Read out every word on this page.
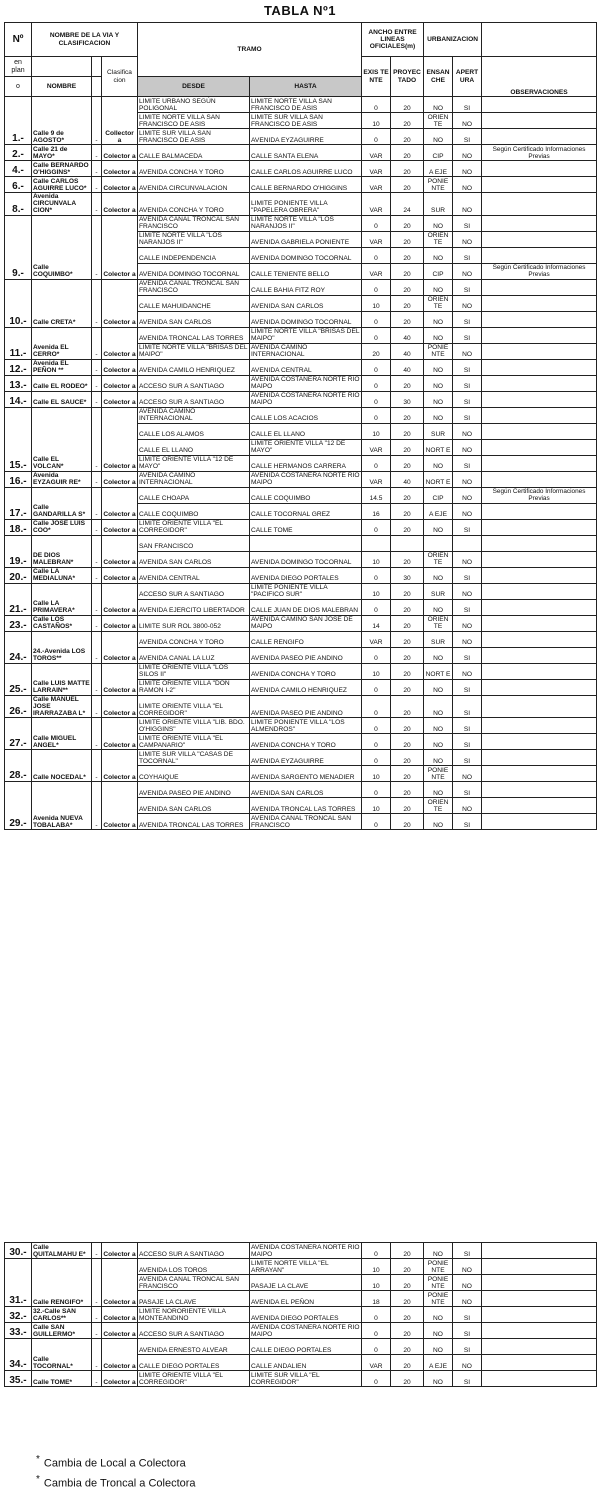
TABLA Nº1
Nº	NOMBRE DE LA VIA Y CLASIFICACION			TRAMO		ANCHO ENTRE LINEAS OFICIALES(m)		URBANIZACION		
en
plan			Clasifica cion			EXIS TE NTE	PROYEC TADO	ENSAN CHE	APERT URA	OBSERVACIONES
o	NOMBRE			DESDE	HASTA					
1.-	Calle 9 de AGOSTO*	-	Collector a	LIMITE URBANO SEGÚN POLIGONAL	LIMITE NORTE VILLA SAN FRANCISCO DE ASIS	0	20	NO	SI	
				LIMITE NORTE VILLA SAN FRANCISCO DE ASIS	LIMITE SUR VILLA SAN FRANCISCO DE ASIS	10	20	ORIEN TE	NO	
				LIMITE SUR VILLA SAN FRANCISCO DE ASIS	AVENIDA EYZAGUIRRE	0	20	NO	SI	
2.-	Calle 21 de MAYO*	-	Colector a	CALLE BALMACEDA	CALLE SANTA ELENA	VAR	20	CIP	NO	Según Certificado Informaciones Previas
4.-	Calle BERNARDO O'HIGGINS*	-	Colector a	AVENIDA CONCHA Y TORO	CALLE CARLOS AGUIRRE LUCO	VAR	20	A EJE	NO	
6.-	Calle CARLOS AGUIRRE LUCO*	-	Colector a	AVENIDA CIRCUNVALACION	CALLE BERNARDO O'HIGGINS	VAR	20	PONIE NTE	NO	
8.-	Avenida CIRCUNVALA CION*	-	Colector a	AVENIDA CONCHA Y TORO	LIMITE PONIENTE VILLA "PAPELERA OBRERA"	VAR	24	SUR	NO	
9.-	Calle COQUIMBO*	-	Colector a	AVENIDA CANAL TRONCAL SAN FRANCISCO	LIMITE NORTE VILLA "LOS NARANJOS II"	0	20	NO	SI	
				LIMITE NORTE VILLA "LOS NARANJOS II"	AVENIDA GABRIELA PONIENTE	VAR	20	ORIEN TE	NO	
				CALLE INDEPENDENCIA	AVENIDA DOMINGO TOCORNAL	0	20	NO	SI	
				AVENIDA DOMINGO TOCORNAL	CALLE TENIENTE BELLO	VAR	20	CIP	NO	Según Certificado Informaciones Previas
10.-	Calle CRETA*	-	Colector a	AVENIDA CANAL TRONCAL SAN FRANCISCO	CALLE BAHIA FITZ ROY	0	20	NO	SI	
				CALLE MAHUIDANCHE	AVENIDA SAN CARLOS	10	20	ORIEN TE	NO	
				AVENIDA SAN CARLOS	AVENIDA DOMINGO TOCORNAL	0	20	NO	SI	
11.-	Avenida EL CERRO*	-	Colector a	AVENIDA TRONCAL LAS TORRES	LIMITE NORTE VILLA "BRISAS DEL MAIPO"	0	40	NO	SI	
				LIMITE NORTE VILLA "BRISAS DEL MAIPO"	AVENIDA CAMINO INTERNACIONAL	20	40	PONIE NTE	NO	
12.-	Avenida EL PEÑON **	-	Colector a	AVENIDA CAMILO HENRIQUEZ	AVENIDA CENTRAL	0	40	NO	SI	
13.-	Calle EL RODEO*	-	Colector a	ACCESO SUR A SANTIAGO	AVENIDA COSTANERA NORTE RIO MAIPO	0	20	NO	SI	
14.-	Calle EL SAUCE*	-	Colector a	ACCESO SUR A SANTIAGO	AVENIDA COSTANERA NORTE RIO MAIPO	0	30	NO	SI	
15.-	Calle EL VOLCAN*	-	Colector a	AVENIDA CAMINO INTERNACIONAL	CALLE LOS ACACIOS	0	20	NO	SI	
				CALLE LOS ALAMOS	CALLE EL LLANO	10	20	SUR	NO	
				CALLE EL LLANO	LIMITE ORIENTE VILLA "12 DE MAYO"	VAR	20	NORT E	NO	
				LIMITE ORIENTE VILLA "12 DE MAYO"	CALLE HERMANOS CARRERA	0	20	NO	SI	
16.-	Avenida EYZAGUIR RE*	-	Colector a	AVENIDA CAMINO INTERNACIONAL	AVENIDA COSTANERA NORTE RIO MAIPO	VAR	40	NORT E	NO	
17.-	Calle GANDARILLA S*	-	Colector a	CALLE CHOAPA	CALLE COQUIMBO	14.5	20	CIP	NO	Según Certificado Informaciones Previas
				CALLE COQUIMBO	CALLE TOCORNAL GREZ	16	20	A EJE	NO	
18.-	Calle JOSE LUIS COO*	-	Colector a	LIMITE ORIENTE VILLA "EL CORREGIDOR"	CALLE TOME	0	20	NO	SI	
19.-	DE DIOS MALEBRAN*	-	Colector a	SAN FRANCISCO						
				AVENIDA SAN CARLOS	AVENIDA DOMINGO TOCORNAL	10	20	ORIEN TE	NO	
20.-	Calle LA MEDIALUNA*	-	Colector a	AVENIDA CENTRAL	AVENIDA DIEGO PORTALES	0	30	NO	SI	
21.-	Calle LA PRIMAVERA*	-	Colector a	ACCESO SUR A SANTIAGO	LIMITE PONIENTE VILLA "PACIFICO SUR"	10	20	SUR	NO	
				AVENIDA EJERCITO LIBERTADOR	CALLE JUAN DE DIOS MALEBRAN	0	20	NO	SI	
23.-	Calle LOS CASTAÑOS*	-	Colector a	LIMITE SUR ROL 3800-052	AVENIDA CAMINO SAN JOSE DE MAIPO	14	20	ORIEN TE	NO	
24.-	24.-Avenida LOS TOROS**	-	Colector a	AVENIDA CONCHA Y TORO	CALLE RENGIFO	VAR	20	SUR	NO	
				AVENIDA CANAL LA LUZ	AVENIDA PASEO PIE ANDINO	0	20	NO	SI	
25.-	Calle LUIS MATTE LARRAIN**	-	Colector a	LIMITE ORIENTE VILLA "LOS SILOS II"	AVENIDA CONCHA Y TORO	10	20	NORT E	NO	
				LIMITE ORIENTE VILLA "DON RAMON I-2"	AVENIDA CAMILO HENRIQUEZ	0	20	NO	SI	
26.-	Calle MANUEL JOSE IRARRAZABA L*	-	Colector a	LIMITE ORIENTE VILLA "EL CORREGIDOR"	AVENIDA PASEO PIE ANDINO	0	20	NO	SI	
27.-	Calle MIGUEL ANGEL*	-	Colector a	LIMITE ORIENTE VILLA "LIB. BDO. O'HIGGINS"	LIMITE PONIENTE VILLA "LOS ALMENDROS"	0	20	NO	SI	
				LIMITE ORIENTE VILLA "EL CAMPANARIO"	AVENIDA CONCHA Y TORO	0	20	NO	SI	
28.-	Calle NOCEDAL*	-	Colector a	LIMITE SUR VILLA "CASAS DE TOCORNAL"	AVENIDA EYZAGUIRRE	0	20	NO	SI	
				COYHAIQUE	AVENIDA SARGENTO MENADIER	10	20	PONIE NTE	NO	
29.-	Avenida NUEVA TOBALABA*	-	Colector a	AVENIDA PASEO PIE ANDINO	AVENIDA SAN CARLOS	0	20	NO	SI	
				AVENIDA SAN CARLOS	AVENIDA TRONCAL LAS TORRES	10	20	ORIEN TE	NO	
				AVENIDA TRONCAL LAS TORRES	AVENIDA CANAL TRONCAL SAN FRANCISCO	0	20	NO	SI	
30.-	Calle QUITALMAHU E*	-	Colector a	ACCESO SUR A SANTIAGO	AVENIDA COSTANERA NORTE RIO MAIPO	0	20	NO	SI	
31.-	Calle RENGIFO*	-	Colector a	AVENIDA LOS TOROS	LIMITE NORTE VILLA "EL ARRAYAN"	10	20	PONIE NTE	NO	
				AVENIDA CANAL TRONCAL SAN FRANCISCO	PASAJE LA CLAVE	10	20	PONIE NTE	NO	
				PASAJE LA CLAVE	AVENIDA EL PEÑON	18	20	PONIE NTE	NO	
32.-	32.-Calle SAN CARLOS**	-	Colector a	LIMITE NORORIENTE VILLA MONTEANDINO	AVENIDA DIEGO PORTALES	0	20	NO	SI	
33.-	Calle SAN GUILLERMO*	-	Colector a	ACCESO SUR A SANTIAGO	AVENIDA COSTANERA NORTE RIO MAIPO	0	20	NO	SI	
34.-	Calle TOCORNAL*	-	Colector a	AVENIDA ERNESTO ALVEAR	CALLE DIEGO PORTALES	0	20	NO	SI	
				CALLE DIEGO PORTALES	CALLE ANDALIEN	VAR	20	A EJE	NO	
35.-	Calle TOME*	-	Colector a	LIMITE ORIENTE VILLA "EL CORREGIDOR"	LIMITE SUR VILLA "EL CORREGIDOR"	0	20	NO	SI	
* Cambia de Local a Colectora
* Cambia de Troncal a Colectora
